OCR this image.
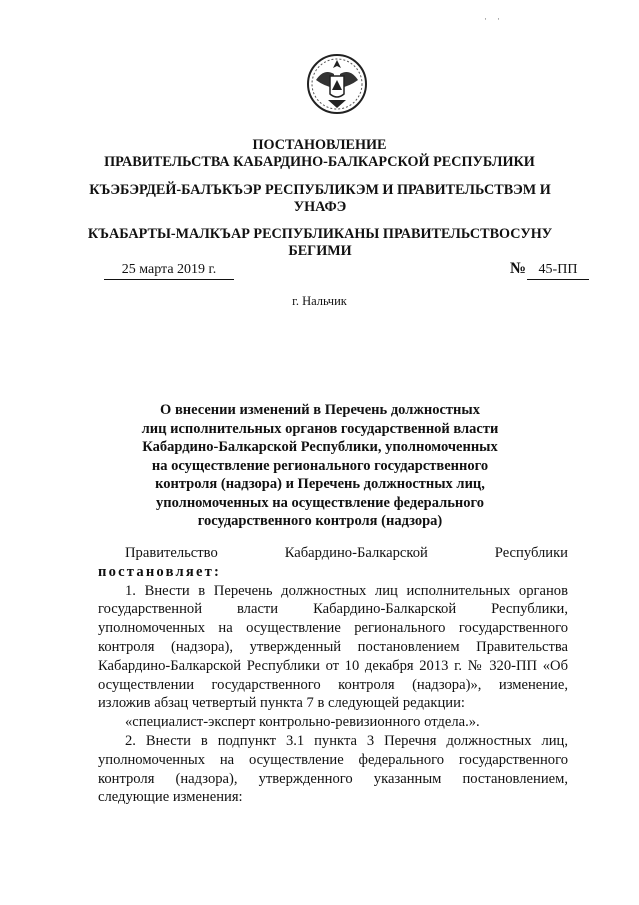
· ·
ПОСТАНОВЛЕНИЕ
ПРАВИТЕЛЬСТВА КАБАРДИНО-БАЛКАРСКОЙ РЕСПУБЛИКИ
КЪЭБЭРДЕЙ-БАЛЪКЪЭР РЕСПУБЛИКЭМ И ПРАВИТЕЛЬСТВЭМ И
УНАФЭ
КЪАБАРТЫ-МАЛКЪАР РЕСПУБЛИКАНЫ ПРАВИТЕЛЬСТВОСУНУ
БЕГИМИ
25 марта 2019 г.	№ 45-ПП
г. Нальчик
О внесении изменений в Перечень должностных
лиц исполнительных органов государственной власти
Кабардино-Балкарской Республики, уполномоченных
на осуществление регионального государственного
контроля (надзора) и Перечень должностных лиц,
уполномоченных на осуществление федерального
государственного контроля (надзора)
Правительство	Кабардино-Балкарской	Республики

постановляет:

1. Внести в Перечень должностных лиц исполнительных органов государственной власти Кабардино-Балкарской Республики, уполномоченных на осуществление регионального государственного контроля (надзора), утвержденный постановлением Правительства Кабардино-Балкарской Республики от 10 декабря 2013 г. № 320-ПП «Об осуществлении государственного контроля (надзора)», изменение, изложив абзац четвертый пункта 7 в следующей редакции:

«специалист-эксперт контрольно-ревизионного отдела.».

2. Внести в подпункт 3.1 пункта 3 Перечня должностных лиц, уполномоченных на осуществление федерального государственного контроля (надзора), утвержденного указанным постановлением, следующие изменения:
